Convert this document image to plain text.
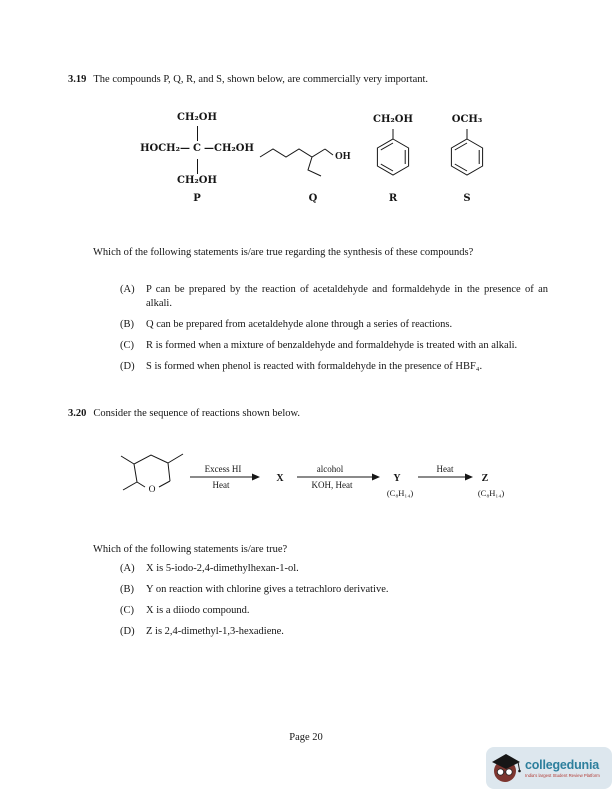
3.19 The compounds P, Q, R, and S, shown below, are commercially very important.
CH₂OH
HOCH₂— C —CH₂OH
CH₂OH
OH
CH₂OH	OCH₃
P	Q	R	S
Which of the following statements is/are true regarding the synthesis of these compounds?
(A)	P can be prepared by the reaction of acetaldehyde and formaldehyde in the presence of an alkali.
(B)	Q can be prepared from acetaldehyde alone through a series of reactions.
(C)	R is formed when a mixture of benzaldehyde and formaldehyde is treated with an alkali.
(D)	S is formed when phenol is reacted with formaldehyde in the presence of HBF₄.
3.20 Consider the sequence of reactions shown below.
O
Excess HI
Heat
X
alcohol
KOH, Heat
Y
(C₈H₁₄)
Heat
Z
(C₈H₁₄)
Which of the following statements is/are true?
(A)	X is 5-iodo-2,4-dimethylhexan-1-ol.
(B)	Y on reaction with chlorine gives a tetrachloro derivative.
(C)	X is a diiodo compound.
(D)	Z is 2,4-dimethyl-1,3-hexadiene.
Page 20
collegedunia
India's largest Student Review Platform
